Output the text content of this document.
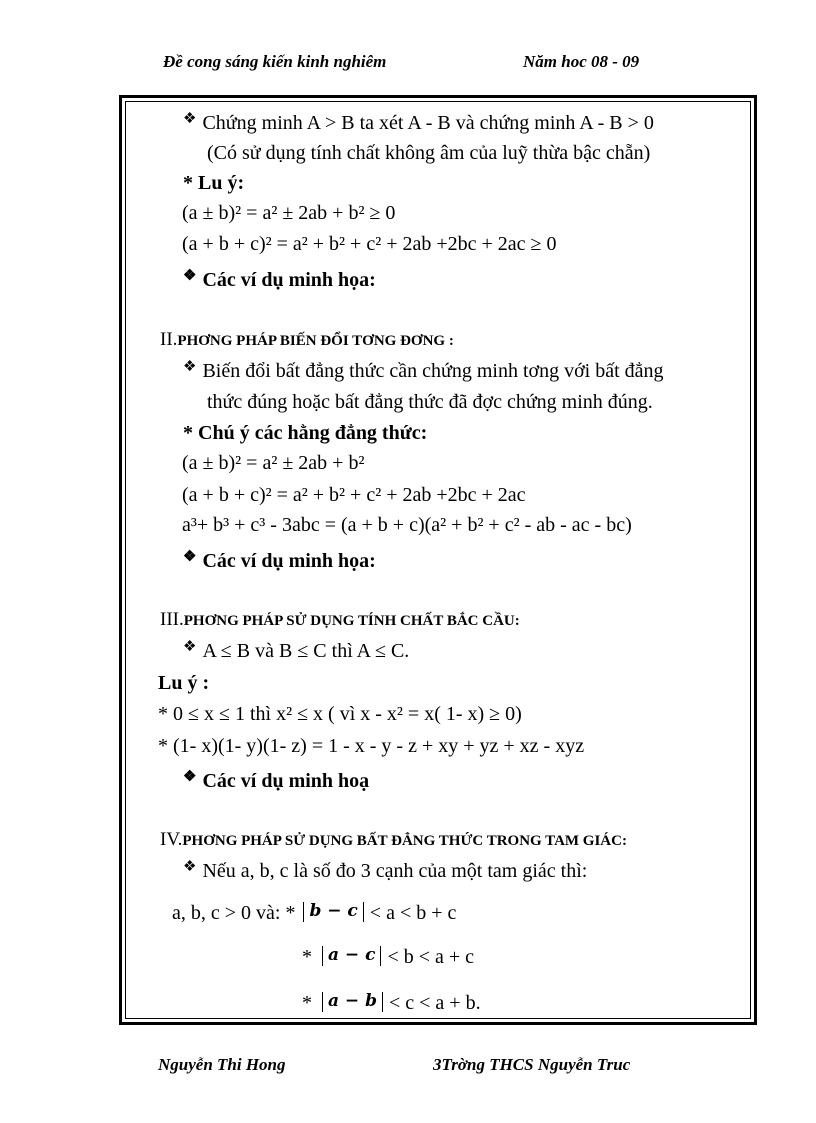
Đề cong sáng kiến kinh nghiêm	Năm hoc 08 - 09
❖ Chứng minh A > B ta xét A - B và chứng minh A - B > 0
(Có sử dụng tính chất không âm của luỹ thừa bậc chẵn)
* Lu ý:
(a ± b)² = a² ± 2ab + b² ≥ 0
(a + b + c)² = a² + b² + c² + 2ab +2bc + 2ac ≥ 0
❖ Các ví dụ minh họa:
II.PHƠNG PHÁP BIẾN ĐỔI TƠNG ĐƠNG :
❖ Biến đổi bất đẳng thức cần chứng minh tơng với bất đẳng
thức đúng hoặc bất đẳng thức đã đợc chứng minh đúng.
* Chú ý các hằng đẳng thức:
(a ± b)² = a² ± 2ab + b²
(a + b + c)² = a² + b² + c² + 2ab +2bc + 2ac
a³+ b³ + c³ - 3abc = (a + b + c)(a² + b² + c² - ab - ac - bc)
❖ Các ví dụ minh họa:
III.PHƠNG PHÁP SỬ DỤNG TÍNH CHẤT BẮC CẦU:
❖ A ≤ B và B ≤ C thì A ≤ C.
Lu ý :
* 0 ≤ x ≤ 1 thì x² ≤ x ( vì x - x² = x( 1- x) ≥ 0)
* (1- x)(1- y)(1- z) = 1 - x - y - z + xy + yz + xz - xyz
❖ Các ví dụ minh hoạ
IV.PHƠNG PHÁP SỬ DỤNG BẤT ĐẲNG THỨC TRONG TAM GIÁC:
❖ Nếu a, b, c là số đo 3 cạnh của một tam giác thì:
a, b, c > 0 và: * b − c < a < b + c
* a − c < b < a + c
* a − b < c < a + b.
Nguyễn Thi Hong	3Trờng THCS Nguyễn Truc
